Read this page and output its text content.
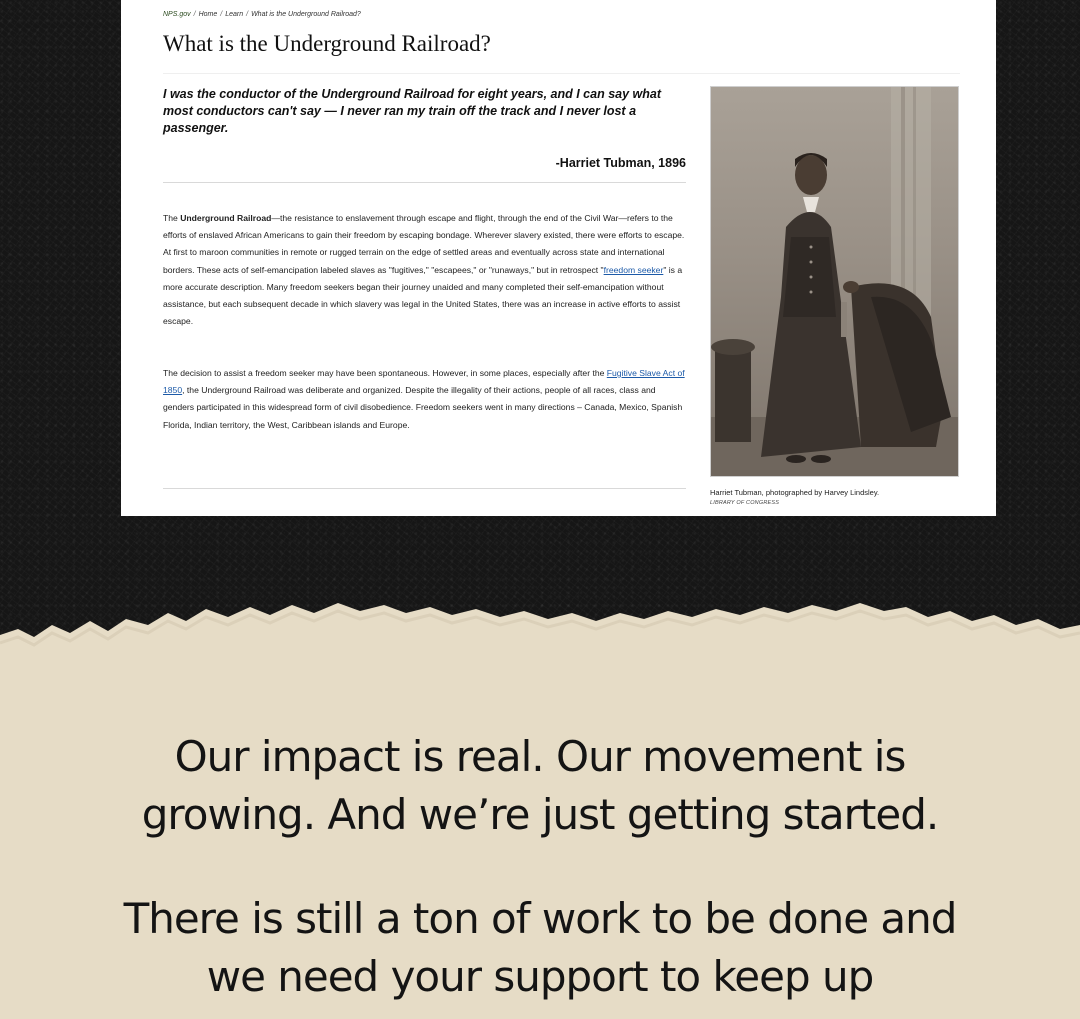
NPS.gov / Home / Learn / What is the Underground Railroad?
What is the Underground Railroad?

I was the conductor of the Underground Railroad for eight years, and I can say what most conductors can't say — I never ran my train off the track and I never lost a passenger.

-Harriet Tubman, 1896

The Underground Railroad—the resistance to enslavement through escape and flight, through the end of the Civil War—refers to the efforts of enslaved African Americans to gain their freedom by escaping bondage. Wherever slavery existed, there were efforts to escape. At first to maroon communities in remote or rugged terrain on the edge of settled areas and eventually across state and international borders. These acts of self-emancipation labeled slaves as "fugitives," "escapees," or "runaways," but in retrospect "freedom seeker" is a more accurate description. Many freedom seekers began their journey unaided and many completed their self-emancipation without assistance, but each subsequent decade in which slavery was legal in the United States, there was an increase in active efforts to assist escape.

The decision to assist a freedom seeker may have been spontaneous. However, in some places, especially after the Fugitive Slave Act of 1850, the Underground Railroad was deliberate and organized. Despite the illegality of their actions, people of all races, class and genders participated in this widespread form of civil disobedience. Freedom seekers went in many directions – Canada, Mexico, Spanish Florida, Indian territory, the West, Caribbean islands and Europe.

Harriet Tubman, photographed by Harvey Lindsley.
LIBRARY OF CONGRESS
Our impact is real. Our movement is growing. And we’re just getting started.

There is still a ton of work to be done and we need your support to keep up
